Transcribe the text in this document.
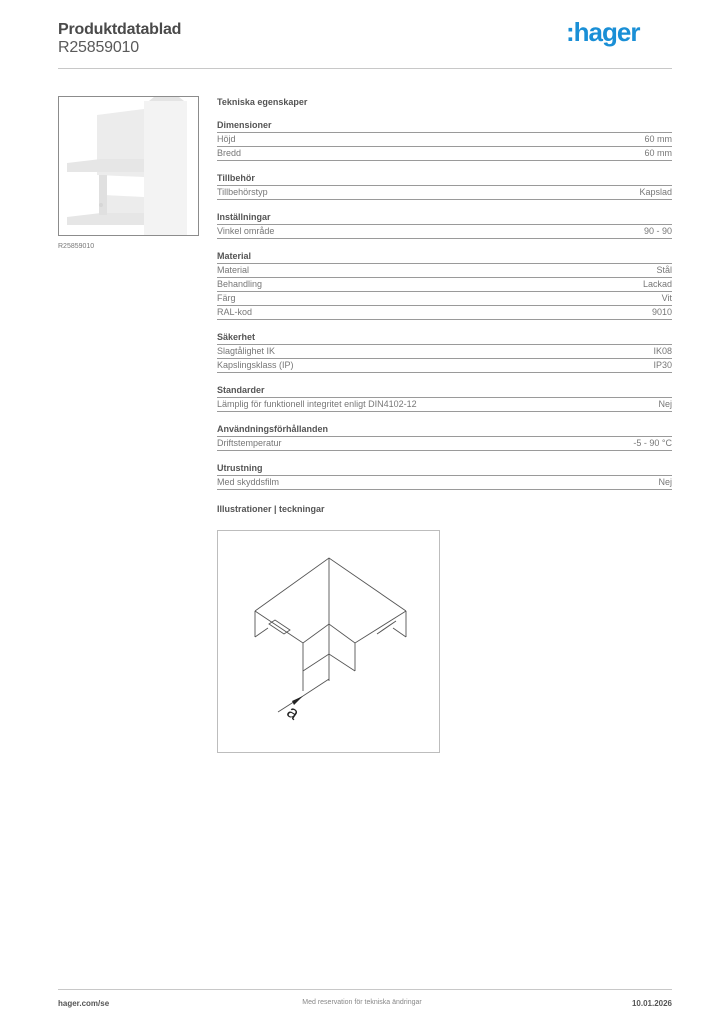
Produktdatablad
R25859010
:hager
R25859010
Tekniska egenskaper
Dimensioner
Höjd	60 mm
Bredd	60 mm
Tillbehör
Tillbehörstyp	Kapslad
Inställningar
Vinkel område	90 - 90
Material
Material	Stål
Behandling	Lackad
Färg	Vit
RAL-kod	9010
Säkerhet
Slagtålighet IK	IK08
Kapslingsklass (IP)	IP30
Standarder
Lämplig för funktionell integritet enligt DIN4102-12	Nej
Användningsförhållanden
Driftstemperatur	-5 - 90 °C
Utrustning
Med skyddsfilm	Nej
Illustrationer | teckningar
a
hager.com/se	Med reservation för tekniska ändringar	10.01.2026
